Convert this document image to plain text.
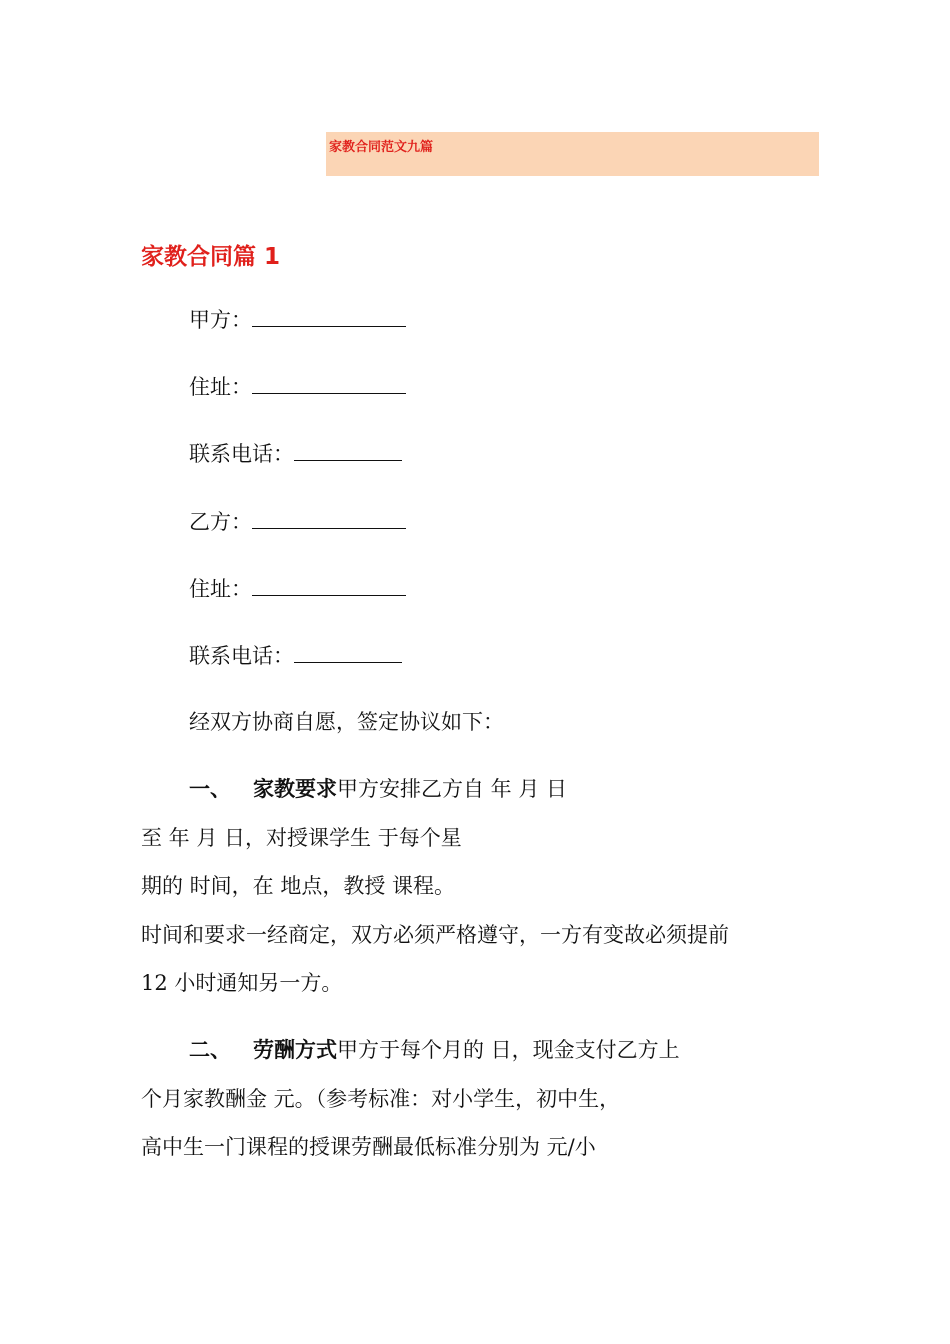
家教合同范文九篇
家教合同篇 1
甲方：
住址：
联系电话：
乙方：
住址：
联系电话：
经双方协商自愿，签定协议如下：
一、 家教要求甲方安排乙方自 年 月 日
至 年 月 日，对授课学生 于每个星
期的 时间，在 地点，教授 课程。
时间和要求一经商定，双方必须严格遵守，一方有变故必须提前
12 小时通知另一方。
二、 劳酬方式甲方于每个月的 日，现金支付乙方上
个月家教酬金 元。（参考标准：对小学生，初中生，
高中生一门课程的授课劳酬最低标准分别为 元/小
